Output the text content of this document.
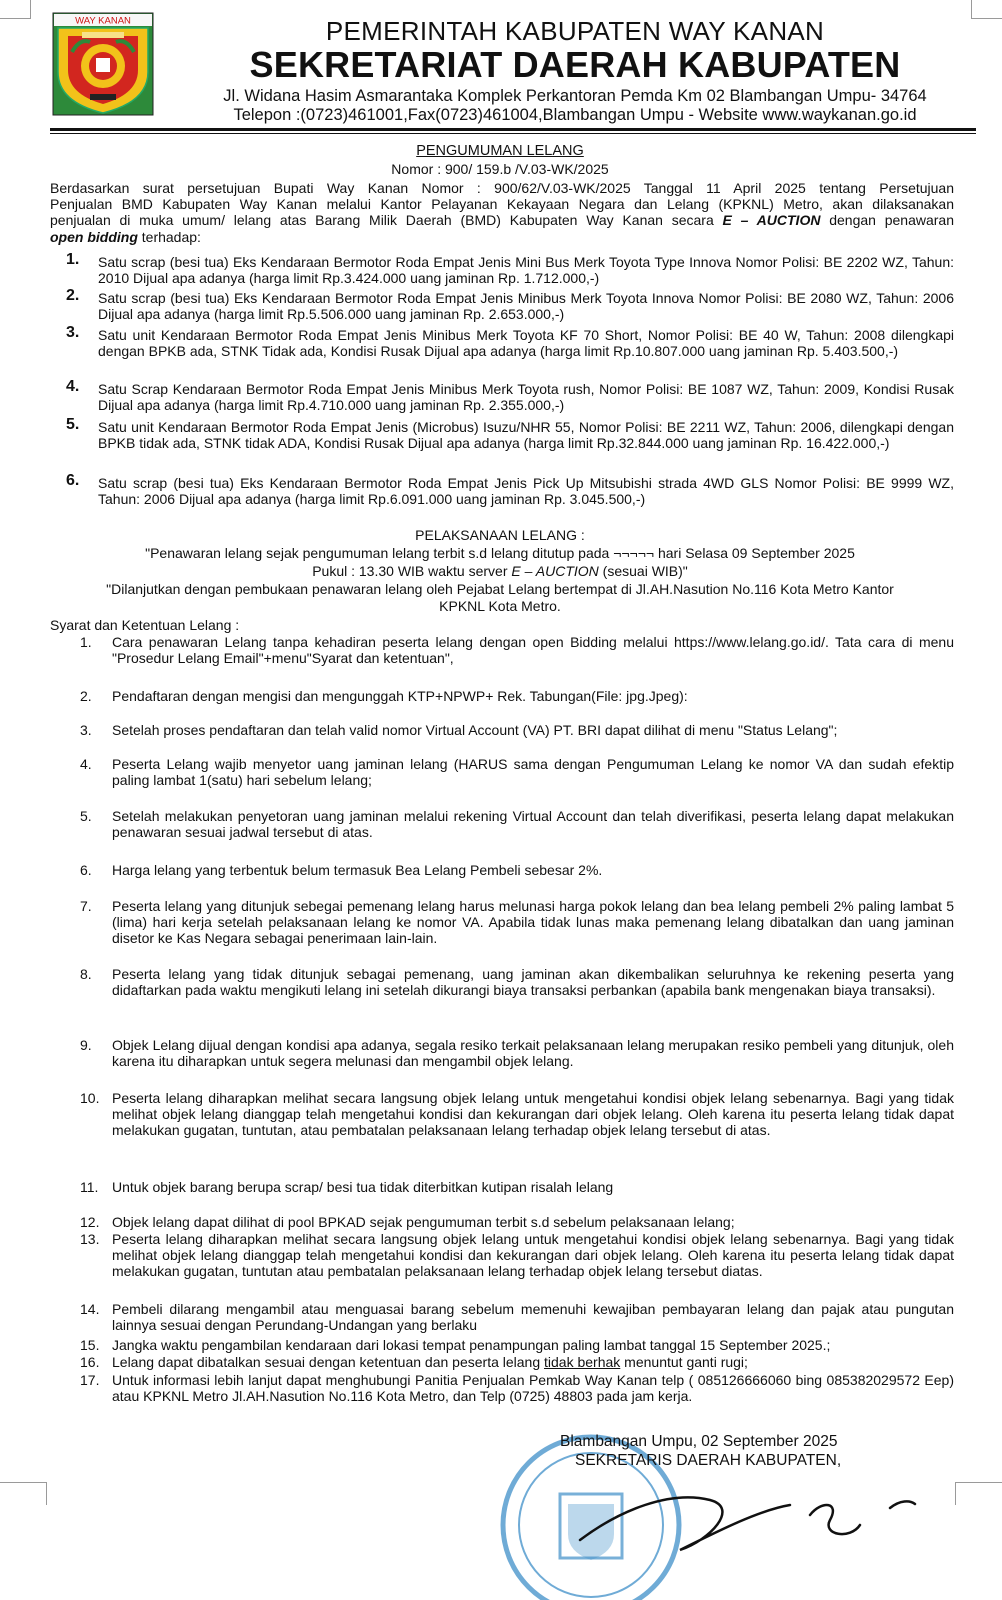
WAY KANAN	PEMERINTAH KABUPATEN WAY KANAN
SEKRETARIAT DAERAH KABUPATEN
Jl. Widana Hasim Asmarantaka Komplek Perkantoran Pemda Km 02 Blambangan Umpu- 34764
Telepon :(0723)461001,Fax(0723)461004,Blambangan Umpu - Website www.waykanan.go.id
PENGUMUMAN LELANG
Nomor : 900/ 159.b /V.03-WK/2025
Berdasarkan surat persetujuan Bupati Way Kanan Nomor : 900/62/V.03-WK/2025 Tanggal 11 April 2025 tentang Persetujuan
Penjualan BMD Kabupaten Way Kanan melalui Kantor Pelayanan Kekayaan Negara dan Lelang (KPKNL) Metro, akan dilaksanakan
penjualan di muka umum/ lelang atas Barang Milik Daerah (BMD) Kabupaten Way Kanan secara E – AUCTION dengan penawaran
open bidding terhadap:
1. Satu scrap (besi tua) Eks Kendaraan Bermotor Roda Empat Jenis Mini Bus Merk Toyota Type Innova Nomor Polisi: BE 2202 WZ, Tahun: 2010 Dijual apa adanya (harga limit Rp.3.424.000 uang jaminan Rp. 1.712.000,-)
2. Satu scrap (besi tua) Eks Kendaraan Bermotor Roda Empat Jenis Minibus Merk Toyota Innova Nomor Polisi: BE 2080 WZ, Tahun: 2006 Dijual apa adanya (harga limit Rp.5.506.000 uang jaminan Rp. 2.653.000,-)
3. Satu unit Kendaraan Bermotor Roda Empat Jenis Minibus Merk Toyota KF 70 Short, Nomor Polisi: BE 40 W, Tahun: 2008 dilengkapi dengan BPKB ada, STNK Tidak ada, Kondisi Rusak Dijual apa adanya (harga limit Rp.10.807.000 uang jaminan Rp. 5.403.500,-)
4. Satu Scrap Kendaraan Bermotor Roda Empat Jenis Minibus Merk Toyota rush, Nomor Polisi: BE 1087 WZ, Tahun: 2009, Kondisi Rusak Dijual apa adanya (harga limit Rp.4.710.000 uang jaminan Rp. 2.355.000,-)
5. Satu unit Kendaraan Bermotor Roda Empat Jenis (Microbus) Isuzu/NHR 55, Nomor Polisi: BE 2211 WZ, Tahun: 2006, dilengkapi dengan BPKB tidak ada, STNK tidak ADA, Kondisi Rusak Dijual apa adanya (harga limit Rp.32.844.000 uang jaminan Rp. 16.422.000,-)
6. Satu scrap (besi tua) Eks Kendaraan Bermotor Roda Empat Jenis Pick Up Mitsubishi strada 4WD GLS Nomor Polisi: BE 9999 WZ, Tahun: 2006 Dijual apa adanya (harga limit Rp.6.091.000 uang jaminan Rp. 3.045.500,-)
PELAKSANAAN LELANG :
"Penawaran lelang sejak pengumuman lelang terbit s.d lelang ditutup pada ¬¬¬¬¬ hari Selasa 09 September 2025
Pukul : 13.30 WIB waktu server E – AUCTION (sesuai WIB)"
"Dilanjutkan dengan pembukaan penawaran lelang oleh Pejabat Lelang bertempat di Jl.AH.Nasution No.116 Kota Metro Kantor
KPKNL Kota Metro.
Syarat dan Ketentuan Lelang :
1. Cara penawaran Lelang tanpa kehadiran peserta lelang dengan open Bidding melalui https://www.lelang.go.id/. Tata cara di menu "Prosedur Lelang Email"+menu"Syarat dan ketentuan",
2. Pendaftaran dengan mengisi dan mengunggah KTP+NPWP+ Rek. Tabungan(File: jpg.Jpeg):
3. Setelah proses pendaftaran dan telah valid nomor Virtual Account (VA) PT. BRI dapat dilihat di menu "Status Lelang";
4. Peserta Lelang wajib menyetor uang jaminan lelang (HARUS sama dengan Pengumuman Lelang ke nomor VA dan sudah efektip paling lambat 1(satu) hari sebelum lelang;
5. Setelah melakukan penyetoran uang jaminan melalui rekening Virtual Account dan telah diverifikasi, peserta lelang dapat melakukan penawaran sesuai jadwal tersebut di atas.
6. Harga lelang yang terbentuk belum termasuk Bea Lelang Pembeli sebesar 2%.
7. Peserta lelang yang ditunjuk sebegai pemenang lelang harus melunasi harga pokok lelang dan bea lelang pembeli 2% paling lambat 5 (lima) hari kerja setelah pelaksanaan lelang ke nomor VA. Apabila tidak lunas maka pemenang lelang dibatalkan dan uang jaminan disetor ke Kas Negara sebagai penerimaan lain-lain.
8. Peserta lelang yang tidak ditunjuk sebagai pemenang, uang jaminan akan dikembalikan seluruhnya ke rekening peserta yang didaftarkan pada waktu mengikuti lelang ini setelah dikurangi biaya transaksi perbankan (apabila bank mengenakan biaya transaksi).
9. Objek Lelang dijual dengan kondisi apa adanya, segala resiko terkait pelaksanaan lelang merupakan resiko pembeli yang ditunjuk, oleh karena itu diharapkan untuk segera melunasi dan mengambil objek lelang.
10. Peserta lelang diharapkan melihat secara langsung objek lelang untuk mengetahui kondisi objek lelang sebenarnya. Bagi yang tidak melihat objek lelang dianggap telah mengetahui kondisi dan kekurangan dari objek lelang. Oleh karena itu peserta lelang tidak dapat melakukan gugatan, tuntutan, atau pembatalan pelaksanaan lelang terhadap objek lelang tersebut di atas.
11. Untuk objek barang berupa scrap/ besi tua tidak diterbitkan kutipan risalah lelang
12. Objek lelang dapat dilihat di pool BPKAD sejak pengumuman terbit s.d sebelum pelaksanaan lelang;
13. Peserta lelang diharapkan melihat secara langsung objek lelang untuk mengetahui kondisi objek lelang sebenarnya. Bagi yang tidak melihat objek lelang dianggap telah mengetahui kondisi dan kekurangan dari objek lelang. Oleh karena itu peserta lelang tidak dapat melakukan gugatan, tuntutan atau pembatalan pelaksanaan lelang terhadap objek lelang tersebut diatas.
14. Pembeli dilarang mengambil atau menguasai barang sebelum memenuhi kewajiban pembayaran lelang dan pajak atau pungutan lainnya sesuai dengan Perundang-Undangan yang berlaku
15. Jangka waktu pengambilan kendaraan dari lokasi tempat penampungan paling lambat tanggal 15 September 2025.;
16. Lelang dapat dibatalkan sesuai dengan ketentuan dan peserta lelang tidak berhak menuntut ganti rugi;
17. Untuk informasi lebih lanjut dapat menghubungi Panitia Penjualan Pemkab Way Kanan telp ( 085126666060 bing 085382029572 Eep) atau KPKNL Metro Jl.AH.Nasution No.116 Kota Metro, dan Telp (0725) 48803 pada jam kerja.
Blambangan Umpu, 02 September 2025
SEKRETARIS DAERAH KABUPATEN,
